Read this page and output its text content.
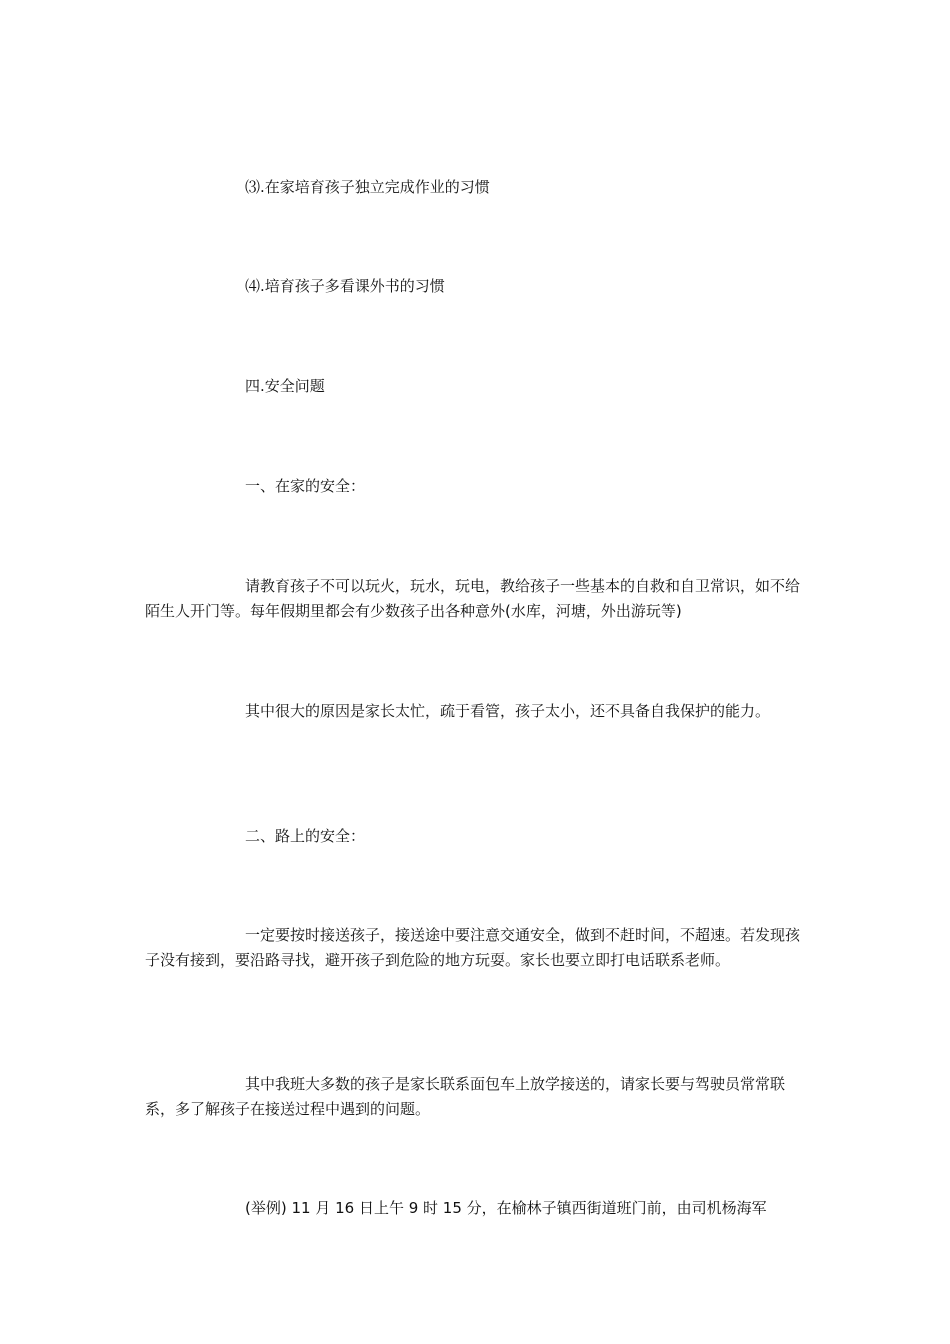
⑶.在家培育孩子独立完成作业的习惯

⑷.培育孩子多看课外书的习惯

四.安全问题

一、在家的安全：

请教育孩子不可以玩火，玩水，玩电，教给孩子一些基本的自救和自卫常识，如不给陌生人开门等。每年假期里都会有少数孩子出各种意外(水库，河塘，外出游玩等)

其中很大的原因是家长太忙，疏于看管，孩子太小，还不具备自我保护的能力。

二、路上的安全：

一定要按时接送孩子，接送途中要注意交通安全，做到不赶时间，不超速。若发现孩子没有接到，要沿路寻找，避开孩子到危险的地方玩耍。家长也要立即打电话联系老师。

其中我班大多数的孩子是家长联系面包车上放学接送的，请家长要与驾驶员常常联系，多了解孩子在接送过程中遇到的问题。

(举例) 11 月 16 日上午 9 时 15 分，在榆林子镇西街道班门前，由司机杨海军
